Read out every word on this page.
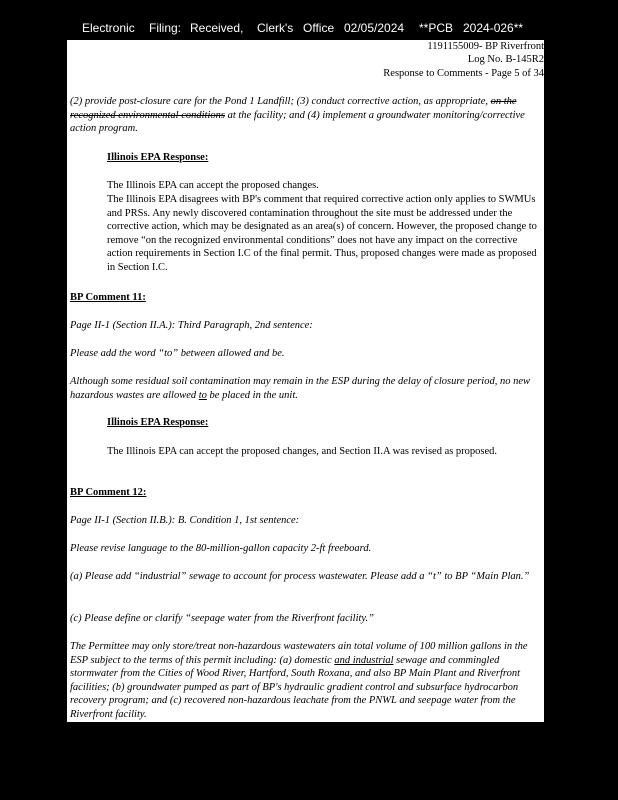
Electronic Filing: Received, Clerk's Office 02/05/2024 **PCB 2024-026**
1191155009- BP Riverfront
Log No. B-145R2
Response to Comments - Page 5 of 34

(2) provide post-closure care for the Pond 1 Landfill; (3) conduct corrective action, as appropriate, on the recognized environmental conditions at the facility; and (4) implement a groundwater monitoring/corrective action program.

Illinois EPA Response:

The Illinois EPA can accept the proposed changes.

The Illinois EPA disagrees with BP's comment that required corrective action only applies to SWMUs and PRSs. Any newly discovered contamination throughout the site must be addressed under the corrective action, which may be designated as an area(s) of concern. However, the proposed change to remove “on the recognized environmental conditions” does not have any impact on the corrective action requirements in Section I.C of the final permit. Thus, proposed changes were made as proposed in Section I.C.

BP Comment 11:

Page II-1 (Section II.A.): Third Paragraph, 2nd sentence:

Please add the word “to” between allowed and be.

Although some residual soil contamination may remain in the ESP during the delay of closure period, no new hazardous wastes are allowed to be placed in the unit.

Illinois EPA Response:

The Illinois EPA can accept the proposed changes, and Section II.A was revised as proposed.

BP Comment 12:

Page II-1 (Section II.B.): B. Condition 1, 1st sentence:

Please revise language to the 80-million-gallon capacity 2-ft freeboard.

(a) Please add “industrial” sewage to account for process wastewater. Please add a “t” to BP “Main Plan.”

(c) Please define or clarify “seepage water from the Riverfront facility.”

The Permittee may only store/treat non-hazardous wastewaters ain total volume of 100 million gallons in the ESP subject to the terms of this permit including: (a) domestic and industrial sewage and commingled stormwater from the Cities of Wood River, Hartford, South Roxana, and also BP Main Plant and Riverfront facilities; (b) groundwater pumped as part of BP's hydraulic gradient control and subsurface hydrocarbon recovery program; and (c) recovered non-hazardous leachate from the PNWL and seepage water from the Riverfront facility.
